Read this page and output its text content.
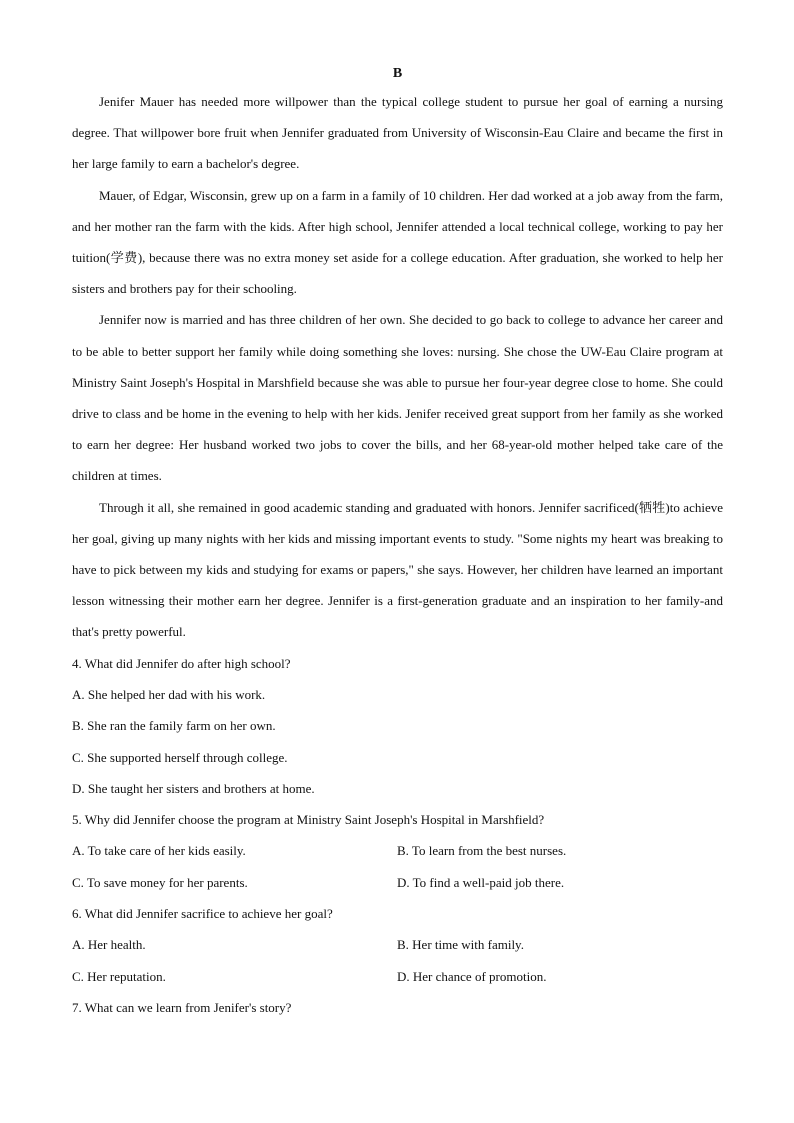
B

Jenifer Mauer has needed more willpower than the typical college student to pursue her goal of earning a nursing degree. That willpower bore fruit when Jennifer graduated from University of Wisconsin-Eau Claire and became the first in her large family to earn a bachelor's degree.

Mauer, of Edgar, Wisconsin, grew up on a farm in a family of 10 children. Her dad worked at a job away from the farm, and her mother ran the farm with the kids. After high school, Jennifer attended a local technical college, working to pay her tuition(学费), because there was no extra money set aside for a college education. After graduation, she worked to help her sisters and brothers pay for their schooling.

Jennifer now is married and has three children of her own. She decided to go back to college to advance her career and to be able to better support her family while doing something she loves: nursing. She chose the UW-Eau Claire program at Ministry Saint Joseph's Hospital in Marshfield because she was able to pursue her four-year degree close to home. She could drive to class and be home in the evening to help with her kids. Jenifer received great support from her family as she worked to earn her degree: Her husband worked two jobs to cover the bills, and her 68-year-old mother helped take care of the children at times.

Through it all, she remained in good academic standing and graduated with honors. Jennifer sacrificed(牺牲)to achieve her goal, giving up many nights with her kids and missing important events to study. "Some nights my heart was breaking to have to pick between my kids and studying for exams or papers," she says. However, her children have learned an important lesson witnessing their mother earn her degree. Jennifer is a first-generation graduate and an inspiration to her family-and that's pretty powerful.

4. What did Jennifer do after high school?

A. She helped her dad with his work.

B. She ran the family farm on her own.

C. She supported herself through college.

D. She taught her sisters and brothers at home.

5. Why did Jennifer choose the program at Ministry Saint Joseph's Hospital in Marshfield?

A. To take care of her kids easily.	B. To learn from the best nurses.
C. To save money for her parents.	D. To find a well-paid job there.

6. What did Jennifer sacrifice to achieve her goal?

A. Her health.	B. Her time with family.
C. Her reputation.	D. Her chance of promotion.

7. What can we learn from Jenifer's story?
